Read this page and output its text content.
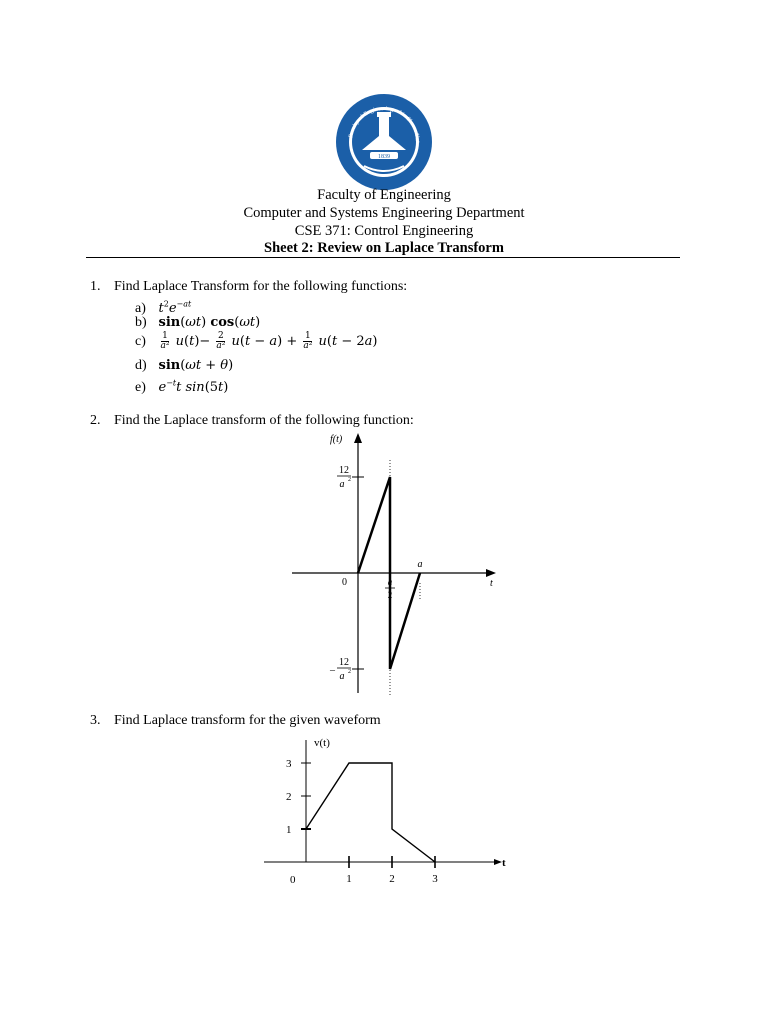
1839
Faculty of Engineering - Ain Shams Uni
Faculty of Engineering
Computer and Systems Engineering Department
CSE 371: Control Engineering
Sheet 2: Review on Laplace Transform
1. Find Laplace Transform for the following functions:
a) $t^2e^{-at}$
b) sin(ωt) cos(ωt)
$c) \frac{1}{\text{a²}} u(t)- \frac{2}{\text{a²}} u(t - a) + \frac{1}{\text{a²}} u(t - 2a)$
d) sin(ωt + θ)
e) $e^{-t}t$ sin(5t)
2. Find the Laplace transform of the following function:
f(t)
t
0
12
a 2
–
12
a 2
a
2
a
3. Find Laplace transform for the given waveform
t
v(t)
0
1
2
3
1	2	3
